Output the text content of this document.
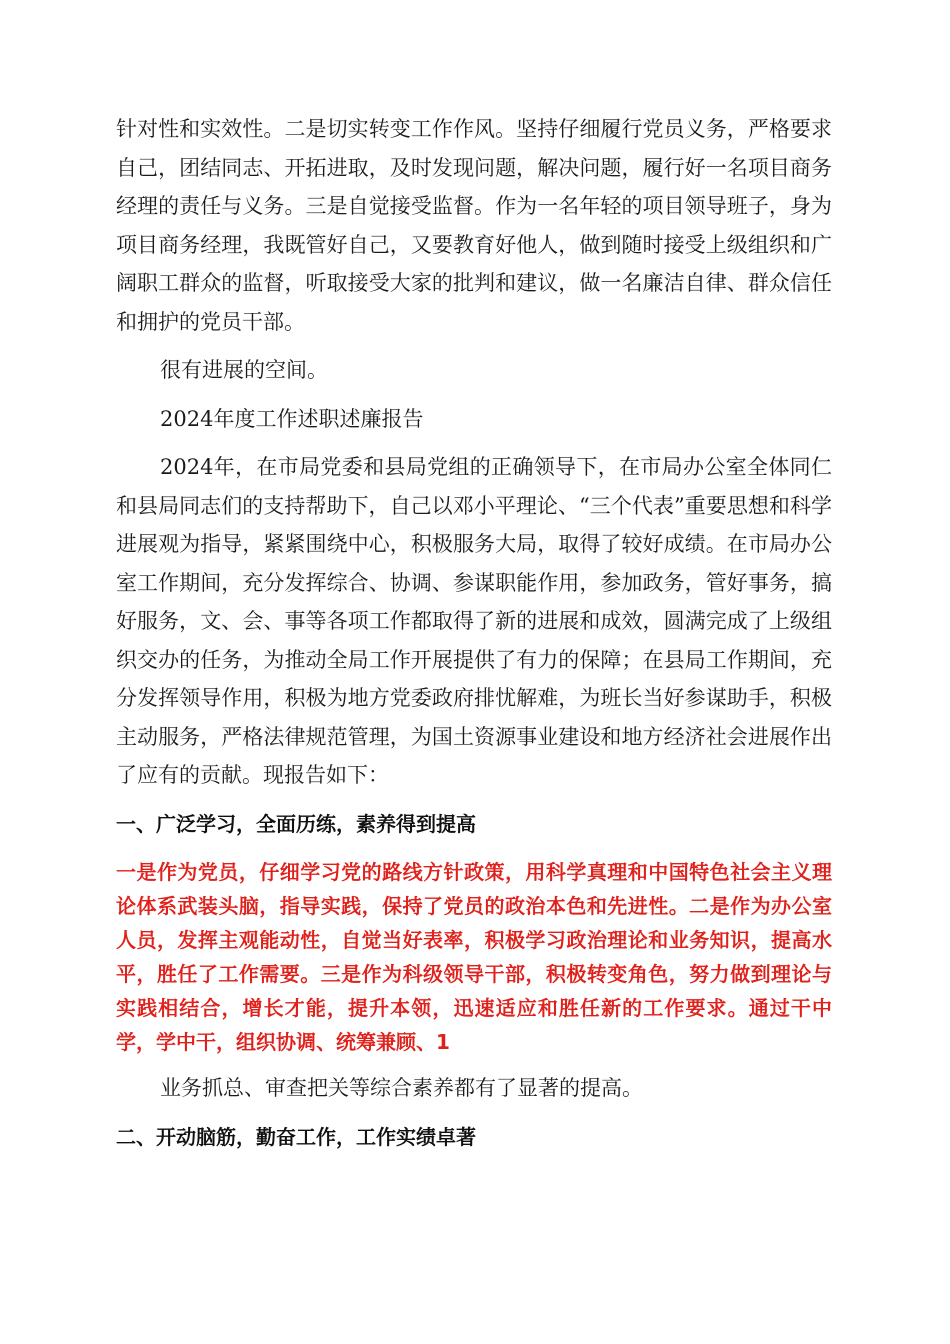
针对性和实效性。二是切实转变工作作风。坚持仔细履行党员义务，严格要求自己，团结同志、开拓进取，及时发现问题，解决问题，履行好一名项目商务经理的责任与义务。三是自觉接受监督。作为一名年轻的项目领导班子，身为项目商务经理，我既管好自己，又要教育好他人，做到随时接受上级组织和广阔职工群众的监督，听取接受大家的批判和建议，做一名廉洁自律、群众信任和拥护的党员干部。

很有进展的空间。

2024年度工作述职述廉报告

2024年，在市局党委和县局党组的正确领导下，在市局办公室全体同仁和县局同志们的支持帮助下，自己以邓小平理论、“三个代表”重要思想和科学进展观为指导，紧紧围绕中心，积极服务大局，取得了较好成绩。在市局办公室工作期间，充分发挥综合、协调、参谋职能作用，参加政务，管好事务，搞好服务，文、会、事等各项工作都取得了新的进展和成效，圆满完成了上级组织交办的任务，为推动全局工作开展提供了有力的保障；在县局工作期间，充分发挥领导作用，积极为地方党委政府排忧解难，为班长当好参谋助手，积极主动服务，严格法律规范管理，为国土资源事业建设和地方经济社会进展作出了应有的贡献。现报告如下：

一、广泛学习，全面历练，素养得到提高

一是作为党员，仔细学习党的路线方针政策，用科学真理和中国特色社会主义理论体系武装头脑，指导实践，保持了党员的政治本色和先进性。二是作为办公室人员，发挥主观能动性，自觉当好表率，积极学习政治理论和业务知识，提高水平，胜任了工作需要。三是作为科级领导干部，积极转变角色，努力做到理论与实践相结合，增长才能，提升本领，迅速适应和胜任新的工作要求。通过干中学，学中干，组织协调、统筹兼顾、1

业务抓总、审查把关等综合素养都有了显著的提高。

二、开动脑筋，勤奋工作，工作实绩卓著
